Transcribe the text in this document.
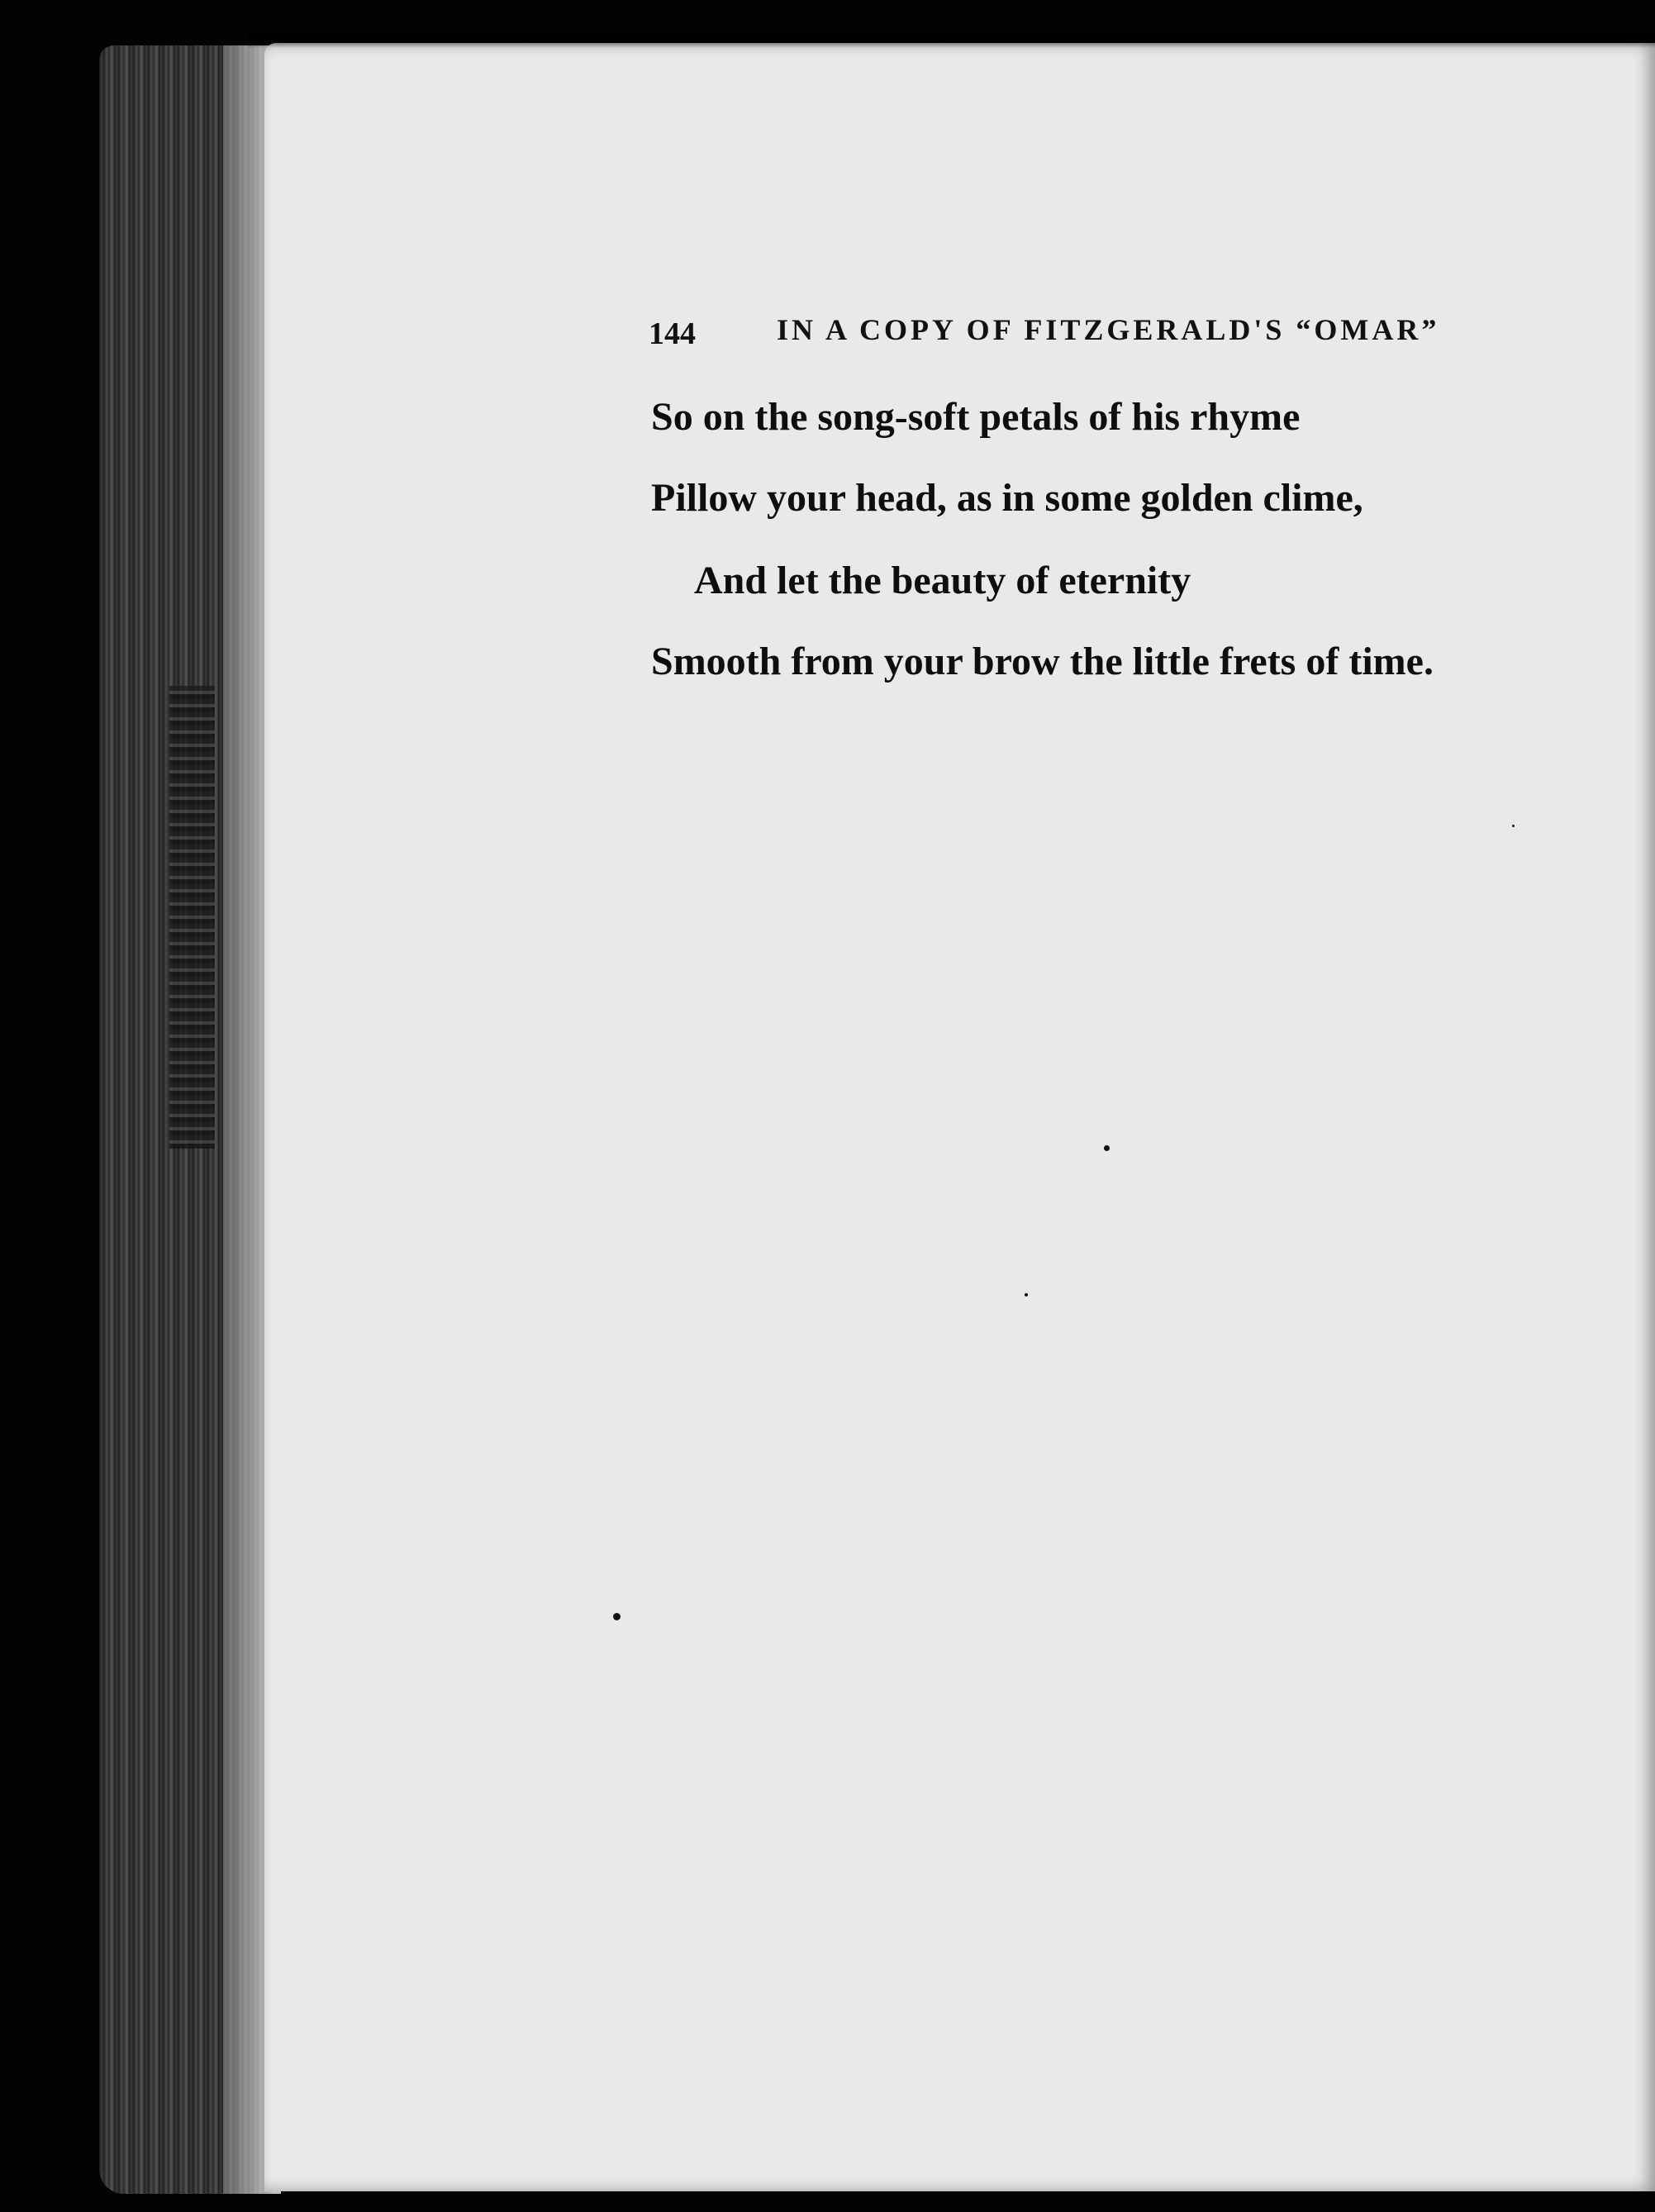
144	IN A COPY OF FITZGERALD'S “OMAR”
So on the song-soft petals of his rhyme
Pillow your head, as in some golden clime,
And let the beauty of eternity
Smooth from your brow the little frets of time.
